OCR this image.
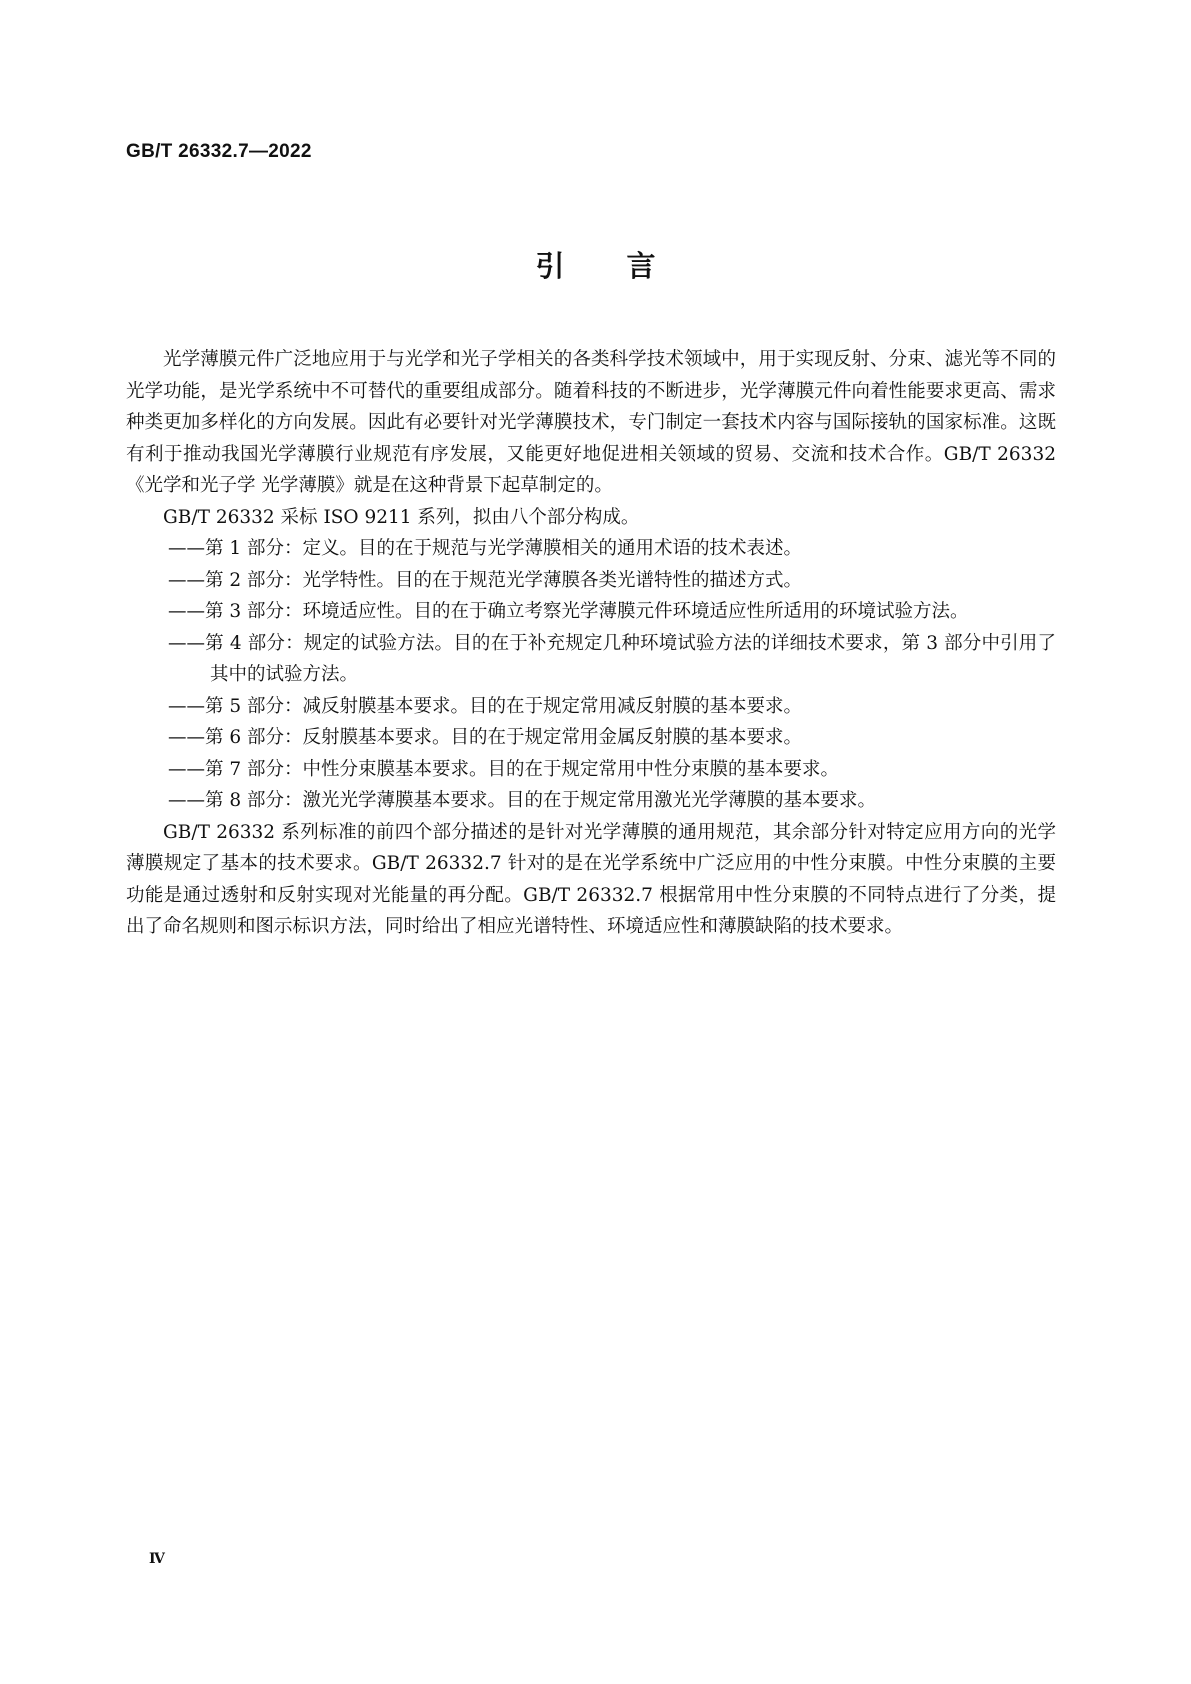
GB/T 26332.7—2022
引言

光学薄膜元件广泛地应用于与光学和光子学相关的各类科学技术领域中，用于实现反射、分束、滤光等不同的光学功能，是光学系统中不可替代的重要组成部分。随着科技的不断进步，光学薄膜元件向着性能要求更高、需求种类更加多样化的方向发展。因此有必要针对光学薄膜技术，专门制定一套技术内容与国际接轨的国家标准。这既有利于推动我国光学薄膜行业规范有序发展，又能更好地促进相关领域的贸易、交流和技术合作。GB/T 26332《光学和光子学 光学薄膜》就是在这种背景下起草制定的。

GB/T 26332 采标 ISO 9211 系列，拟由八个部分构成。

——第 1 部分：定义。目的在于规范与光学薄膜相关的通用术语的技术表述。

——第 2 部分：光学特性。目的在于规范光学薄膜各类光谱特性的描述方式。

——第 3 部分：环境适应性。目的在于确立考察光学薄膜元件环境适应性所适用的环境试验方法。

——第 4 部分：规定的试验方法。目的在于补充规定几种环境试验方法的详细技术要求，第 3 部分中引用了其中的试验方法。

——第 5 部分：减反射膜基本要求。目的在于规定常用减反射膜的基本要求。

——第 6 部分：反射膜基本要求。目的在于规定常用金属反射膜的基本要求。

——第 7 部分：中性分束膜基本要求。目的在于规定常用中性分束膜的基本要求。

——第 8 部分：激光光学薄膜基本要求。目的在于规定常用激光光学薄膜的基本要求。

GB/T 26332 系列标准的前四个部分描述的是针对光学薄膜的通用规范，其余部分针对特定应用方向的光学薄膜规定了基本的技术要求。GB/T 26332.7 针对的是在光学系统中广泛应用的中性分束膜。中性分束膜的主要功能是通过透射和反射实现对光能量的再分配。GB/T 26332.7 根据常用中性分束膜的不同特点进行了分类，提出了命名规则和图示标识方法，同时给出了相应光谱特性、环境适应性和薄膜缺陷的技术要求。

Ⅳ
